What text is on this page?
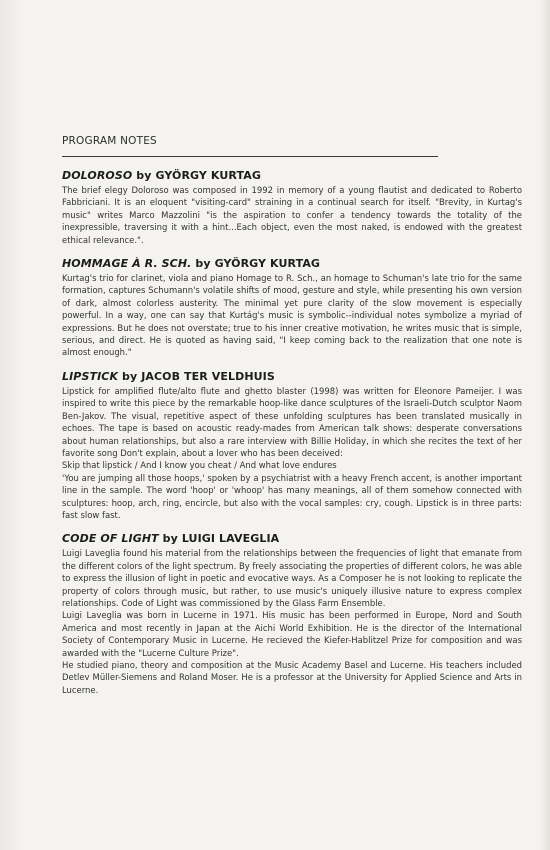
PROGRAM NOTES
DOLOROSO by GYÖRGY KURTAG

The brief elegy Doloroso was composed in 1992 in memory of a young flautist and dedicated to Roberto Fabbriciani. It is an eloquent "visiting-card" straining in a continual search for itself. "Brevity, in Kurtag's music" writes Marco Mazzolini "is the aspiration to confer a tendency towards the totality of the inexpressible, traversing it with a hint...Each object, even the most naked, is endowed with the greatest ethical relevance.".

HOMMAGE À R. SCH. by GYÖRGY KURTAG

Kurtag's trio for clarinet, viola and piano Homage to R. Sch., an homage to Schuman's late trio for the same formation, captures Schumann's volatile shifts of mood, gesture and style, while presenting his own version of dark, almost colorless austerity. The minimal yet pure clarity of the slow movement is especially powerful. In a way, one can say that Kurtág's music is symbolic--individual notes symbolize a myriad of expressions. But he does not overstate; true to his inner creative motivation, he writes music that is simple, serious, and direct. He is quoted as having said, "I keep coming back to the realization that one note is almost enough."

LIPSTICK by JACOB TER VELDHUIS

Lipstick for amplified flute/alto flute and ghetto blaster (1998) was written for Eleonore Pameijer. I was inspired to write this piece by the remarkable hoop-like dance sculptures of the Israeli-Dutch sculptor Naom Ben-Jakov. The visual, repetitive aspect of these unfolding sculptures has been translated musically in echoes. The tape is based on acoustic ready-mades from American talk shows: desperate conversations about human relationships, but also a rare interview with Billie Holiday, in which she recites the text of her favorite song Don't explain, about a lover who has been deceived:

Skip that lipstick / And I know you cheat / And what love endures

'You are jumping all those hoops,' spoken by a psychiatrist with a heavy French accent, is another important line in the sample. The word 'hoop' or 'whoop' has many meanings, all of them somehow connected with sculptures: hoop, arch, ring, encircle, but also with the vocal samples: cry, cough. Lipstick is in three parts: fast slow fast.

CODE OF LIGHT by LUIGI LAVEGLIA

Luigi Laveglia found his material from the relationships between the frequencies of light that emanate from the different colors of the light spectrum. By freely associating the properties of different colors, he was able to express the illusion of light in poetic and evocative ways. As a Composer he is not looking to replicate the property of colors through music, but rather, to use music's uniquely illusive nature to express complex relationships. Code of Light was commissioned by the Glass Farm Ensemble.

Luigi Laveglia was born in Lucerne in 1971. His music has been performed in Europe, Nord and South America and most recently in Japan at the Aichi World Exhibition. He is the director of the International Society of Contemporary Music in Lucerne. He recieved the Kiefer-Hablitzel Prize for composition and was awarded with the "Lucerne Culture Prize".

He studied piano, theory and composition at the Music Academy Basel and Lucerne. His teachers included Detlev Müller-Siemens and Roland Moser. He is a professor at the University for Applied Science and Arts in Lucerne.
